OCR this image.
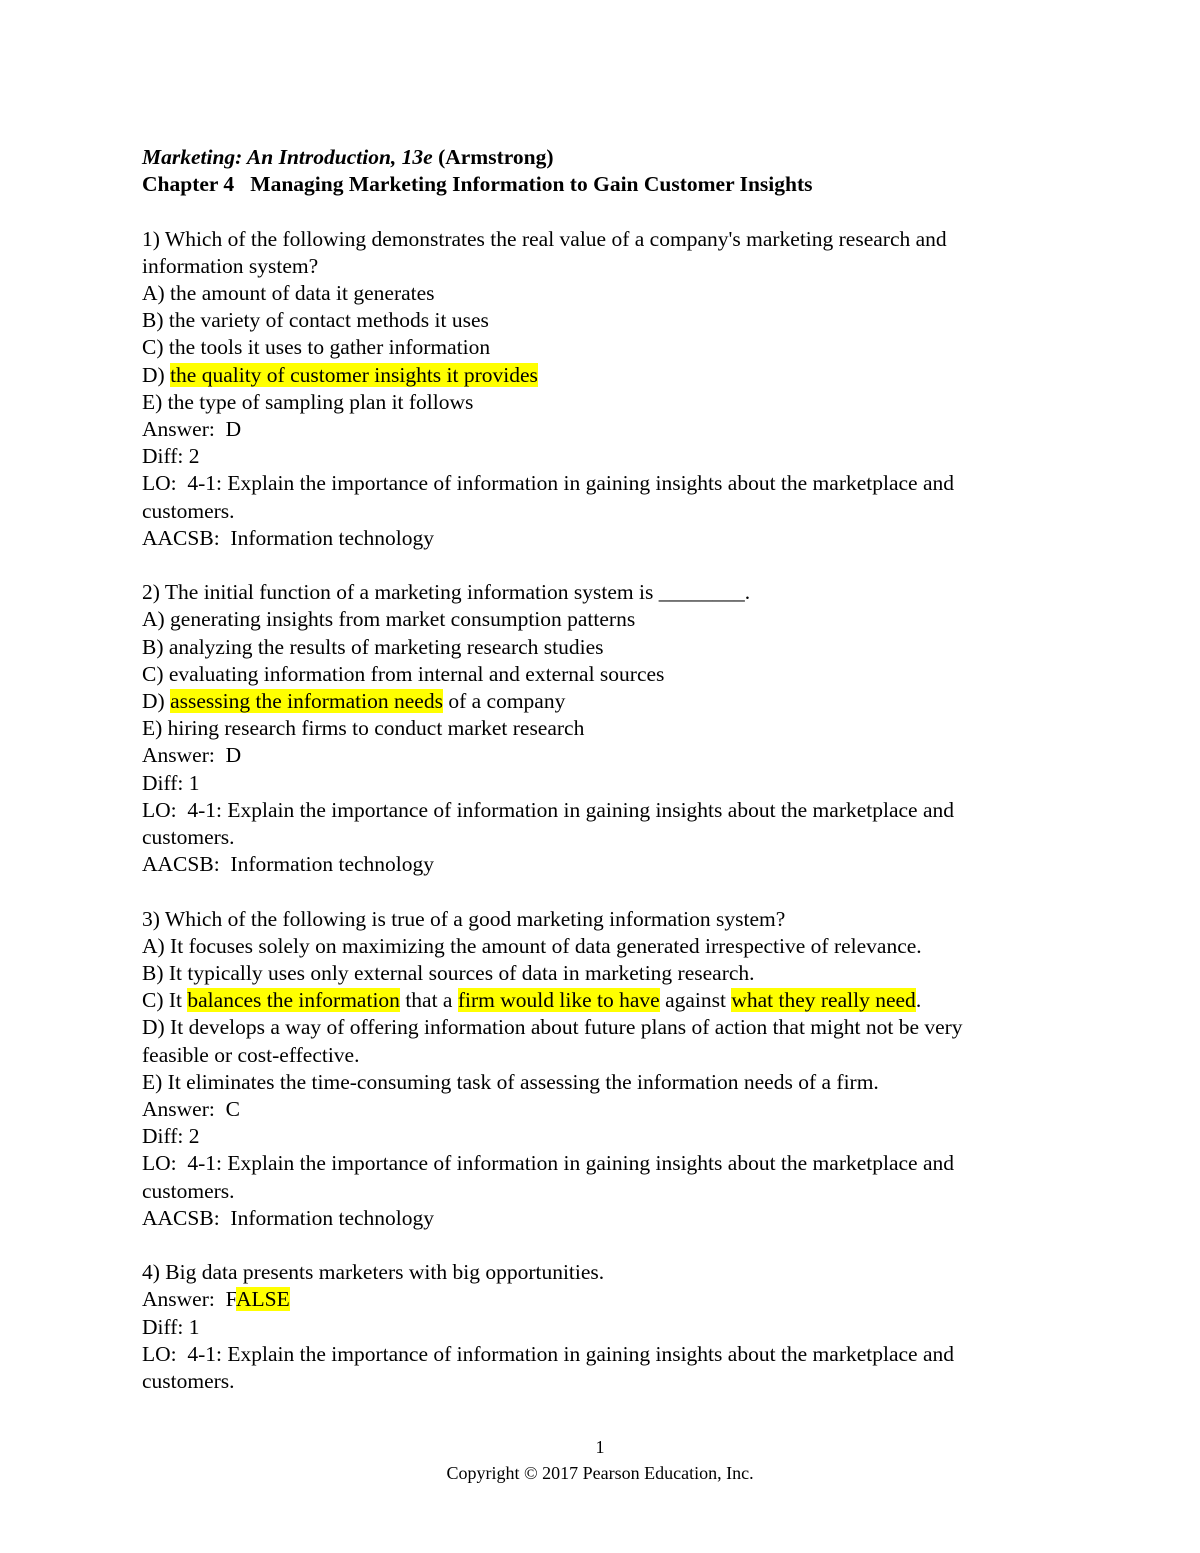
Marketing: An Introduction, 13e (Armstrong)
Chapter 4   Managing Marketing Information to Gain Customer Insights
1) Which of the following demonstrates the real value of a company's marketing research and
information system?
A) the amount of data it generates
B) the variety of contact methods it uses
C) the tools it uses to gather information
D) the quality of customer insights it provides
E) the type of sampling plan it follows
Answer:  D
Diff: 2
LO:  4-1: Explain the importance of information in gaining insights about the marketplace and
customers.
AACSB:  Information technology
2) The initial function of a marketing information system is ________.
A) generating insights from market consumption patterns
B) analyzing the results of marketing research studies
C) evaluating information from internal and external sources
D) assessing the information needs of a company
E) hiring research firms to conduct market research
Answer:  D
Diff: 1
LO:  4-1: Explain the importance of information in gaining insights about the marketplace and
customers.
AACSB:  Information technology
3) Which of the following is true of a good marketing information system?
A) It focuses solely on maximizing the amount of data generated irrespective of relevance.
B) It typically uses only external sources of data in marketing research.
C) It balances the information that a firm would like to have against what they really need.
D) It develops a way of offering information about future plans of action that might not be very
feasible or cost-effective.
E) It eliminates the time-consuming task of assessing the information needs of a firm.
Answer:  C
Diff: 2
LO:  4-1: Explain the importance of information in gaining insights about the marketplace and
customers.
AACSB:  Information technology
4) Big data presents marketers with big opportunities.
Answer:  FALSE
Diff: 1
LO:  4-1: Explain the importance of information in gaining insights about the marketplace and
customers.
1
Copyright © 2017 Pearson Education, Inc.
